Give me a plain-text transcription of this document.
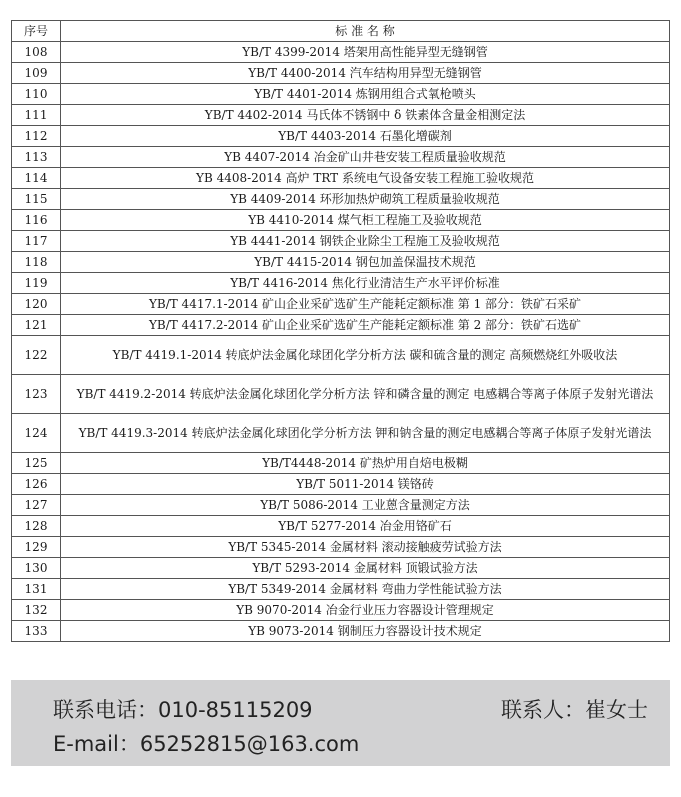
序号	标 准 名 称
108	YB/T 4399-2014 塔架用高性能异型无缝钢管
109	YB/T 4400-2014 汽车结构用异型无缝钢管
110	YB/T 4401-2014 炼钢用组合式氧枪喷头
111	YB/T 4402-2014 马氏体不锈钢中 δ 铁素体含量金相测定法
112	YB/T 4403-2014 石墨化增碳剂
113	YB 4407-2014 冶金矿山井巷安装工程质量验收规范
114	YB 4408-2014 高炉 TRT 系统电气设备安装工程施工验收规范
115	YB 4409-2014 环形加热炉砌筑工程质量验收规范
116	YB 4410-2014 煤气柜工程施工及验收规范
117	YB 4441-2014 钢铁企业除尘工程施工及验收规范
118	YB/T 4415-2014 钢包加盖保温技术规范
119	YB/T 4416-2014 焦化行业清洁生产水平评价标准
120	YB/T 4417.1-2014 矿山企业采矿选矿生产能耗定额标准 第 1 部分：铁矿石采矿
121	YB/T 4417.2-2014 矿山企业采矿选矿生产能耗定额标准 第 2 部分：铁矿石选矿
122	YB/T 4419.1-2014 转底炉法金属化球团化学分析方法 碳和硫含量的测定 高频燃烧红外吸收法
123	YB/T 4419.2-2014 转底炉法金属化球团化学分析方法 锌和磷含量的测定 电感耦合等离子体原子发射光谱法
124	YB/T 4419.3-2014 转底炉法金属化球团化学分析方法 钾和钠含量的测定电感耦合等离子体原子发射光谱法
125	YB/T4448-2014 矿热炉用自焙电极糊
126	YB/T 5011-2014 镁铬砖
127	YB/T 5086-2014 工业蒽含量测定方法
128	YB/T 5277-2014 冶金用铬矿石
129	YB/T 5345-2014 金属材料 滚动接触疲劳试验方法
130	YB/T 5293-2014 金属材料 顶锻试验方法
131	YB/T 5349-2014 金属材料 弯曲力学性能试验方法
132	YB 9070-2014 冶金行业压力容器设计管理规定
133	YB 9073-2014 钢制压力容器设计技术规定
联系电话：010-85115209	联系人：崔女士
E-mail：65252815@163.com
